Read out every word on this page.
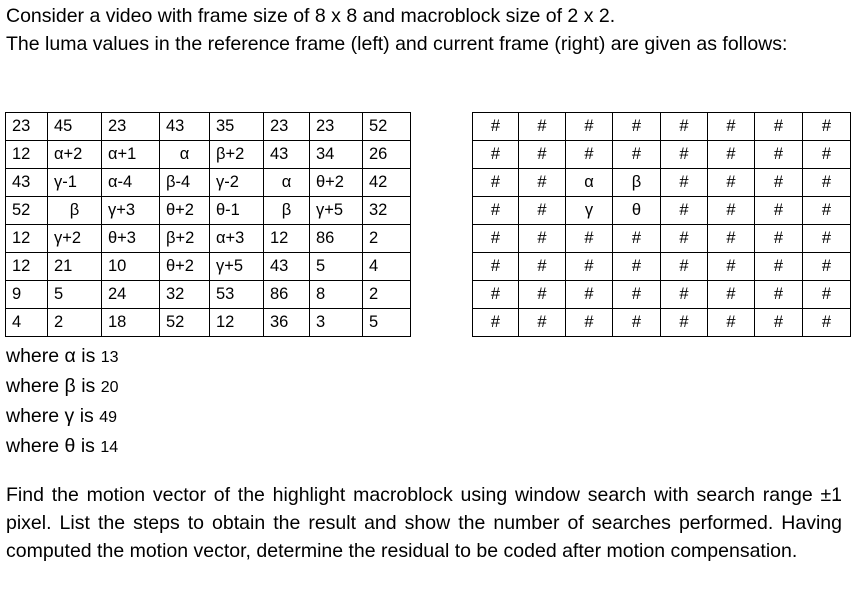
Consider a video with frame size of 8 x 8 and macroblock size of 2 x 2.

The luma values in the reference frame (left) and current frame (right) are given as follows:

23	45	23	43	35	23	23	52
12	α+2	α+1	α	β+2	43	34	26
43	γ-1	α-4	β-4	γ-2	α	θ+2	42
52	β	γ+3	θ+2	θ-1	β	γ+5	32
12	γ+2	θ+3	β+2	α+3	12	86	2
12	21	10	θ+2	γ+5	43	5	4
9	5	24	32	53	86	8	2
4	2	18	52	12	36	3	5
#	#	#	#	#	#	#	#
#	#	#	#	#	#	#	#
#	#	α	β	#	#	#	#
#	#	γ	θ	#	#	#	#
#	#	#	#	#	#	#	#
#	#	#	#	#	#	#	#
#	#	#	#	#	#	#	#
#	#	#	#	#	#	#	#
where α is 13
where β is 20
where γ is 49
where θ is 14
Find the motion vector of the highlight macroblock using window search with search range ±1 pixel. List the steps to obtain the result and show the number of searches performed. Having computed the motion vector, determine the residual to be coded after motion compensation.
